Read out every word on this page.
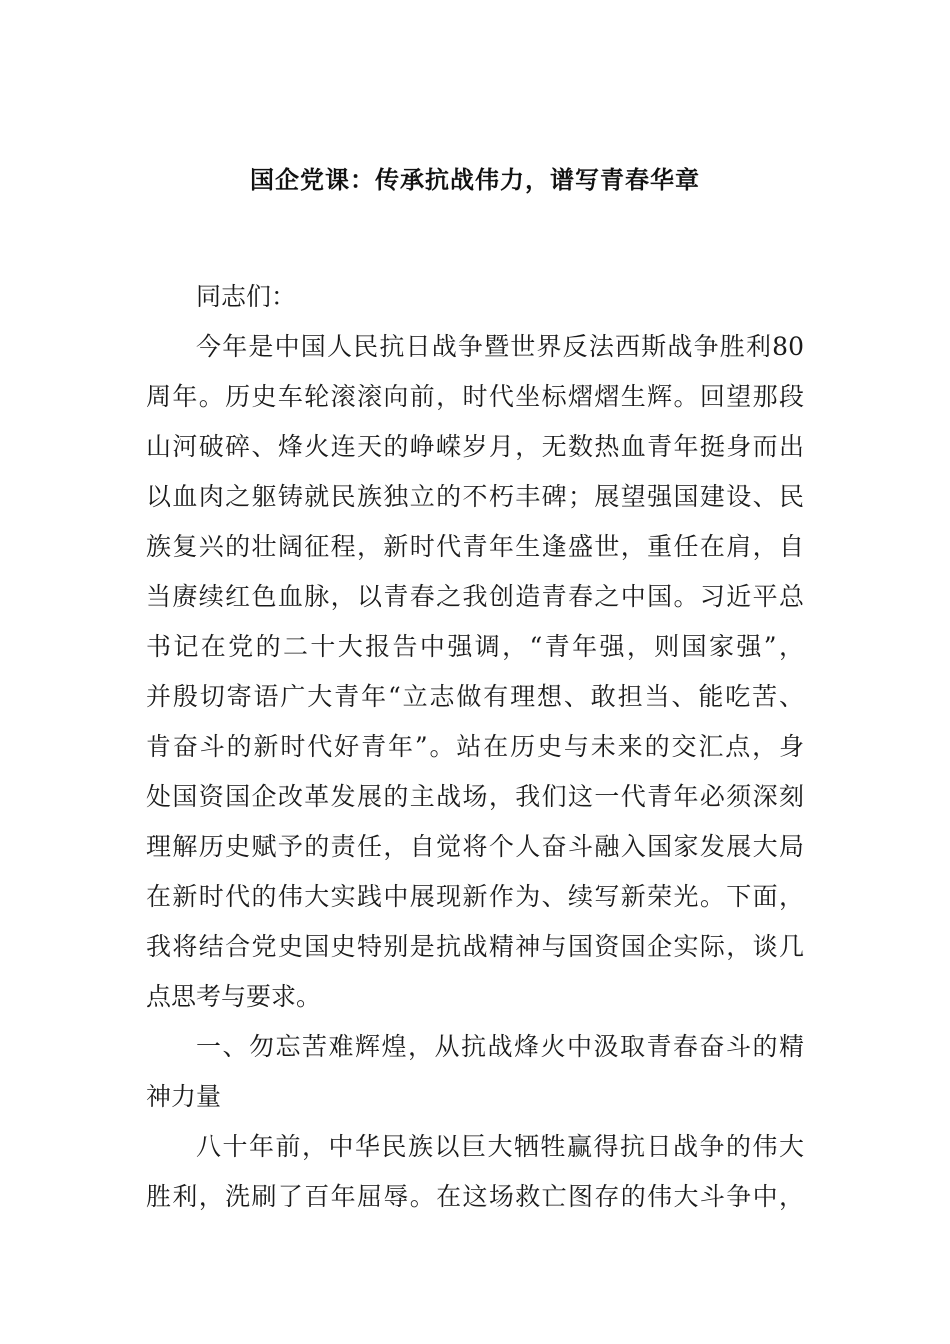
国企党课：传承抗战伟力，谱写青春华章
同志们：
今年是中国人民抗日战争暨世界反法西斯战争胜利80
周年。历史车轮滚滚向前，时代坐标熠熠生辉。回望那段
山河破碎、烽火连天的峥嵘岁月，无数热血青年挺身而出
以血肉之躯铸就民族独立的不朽丰碑；展望强国建设、民
族复兴的壮阔征程，新时代青年生逢盛世，重任在肩，自
当赓续红色血脉，以青春之我创造青春之中国。习近平总
书记在党的二十大报告中强调，“青年强，则国家强”，
并殷切寄语广大青年“立志做有理想、敢担当、能吃苦、
肯奋斗的新时代好青年”。站在历史与未来的交汇点，身
处国资国企改革发展的主战场，我们这一代青年必须深刻
理解历史赋予的责任，自觉将个人奋斗融入国家发展大局
在新时代的伟大实践中展现新作为、续写新荣光。下面，
我将结合党史国史特别是抗战精神与国资国企实际，谈几
点思考与要求。
一、勿忘苦难辉煌，从抗战烽火中汲取青春奋斗的精
神力量
八十年前，中华民族以巨大牺牲赢得抗日战争的伟大
胜利，洗刷了百年屈辱。在这场救亡图存的伟大斗争中，
